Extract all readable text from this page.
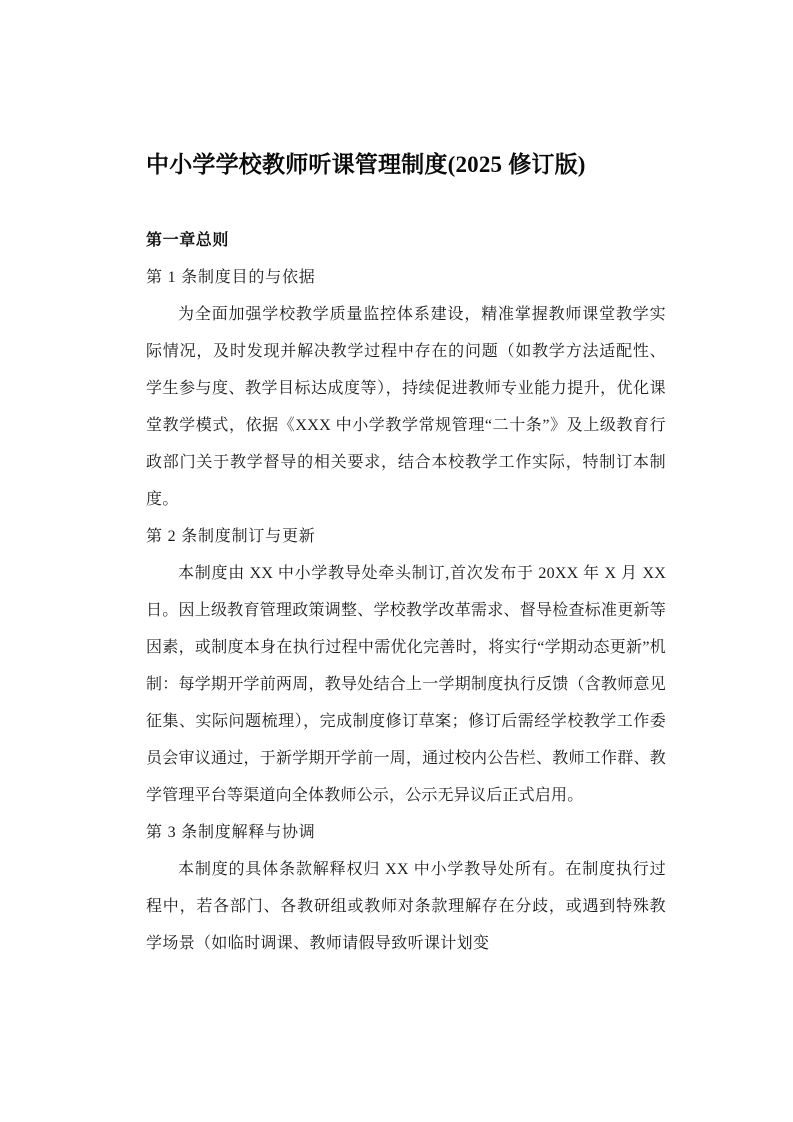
中小学学校教师听课管理制度(2025 修订版)
第一章总则
第 1 条制度目的与依据

为全面加强学校教学质量监控体系建设，精准掌握教师课堂教学实际情况，及时发现并解决教学过程中存在的问题（如教学方法适配性、学生参与度、教学目标达成度等），持续促进教师专业能力提升，优化课堂教学模式，依据《XXX 中小学教学常规管理“二十条”》及上级教育行政部门关于教学督导的相关要求，结合本校教学工作实际，特制订本制度。

第 2 条制度制订与更新

本制度由 XX 中小学教导处牵头制订,首次发布于 20XX 年 X 月 XX 日。因上级教育管理政策调整、学校教学改革需求、督导检查标准更新等因素，或制度本身在执行过程中需优化完善时，将实行“学期动态更新”机制：每学期开学前两周，教导处结合上一学期制度执行反馈（含教师意见征集、实际问题梳理），完成制度修订草案；修订后需经学校教学工作委员会审议通过，于新学期开学前一周，通过校内公告栏、教师工作群、教学管理平台等渠道向全体教师公示，公示无异议后正式启用。

第 3 条制度解释与协调

本制度的具体条款解释权归 XX 中小学教导处所有。在制度执行过程中，若各部门、各教研组或教师对条款理解存在分歧，或遇到特殊教学场景（如临时调课、教师请假导致听课计划变
